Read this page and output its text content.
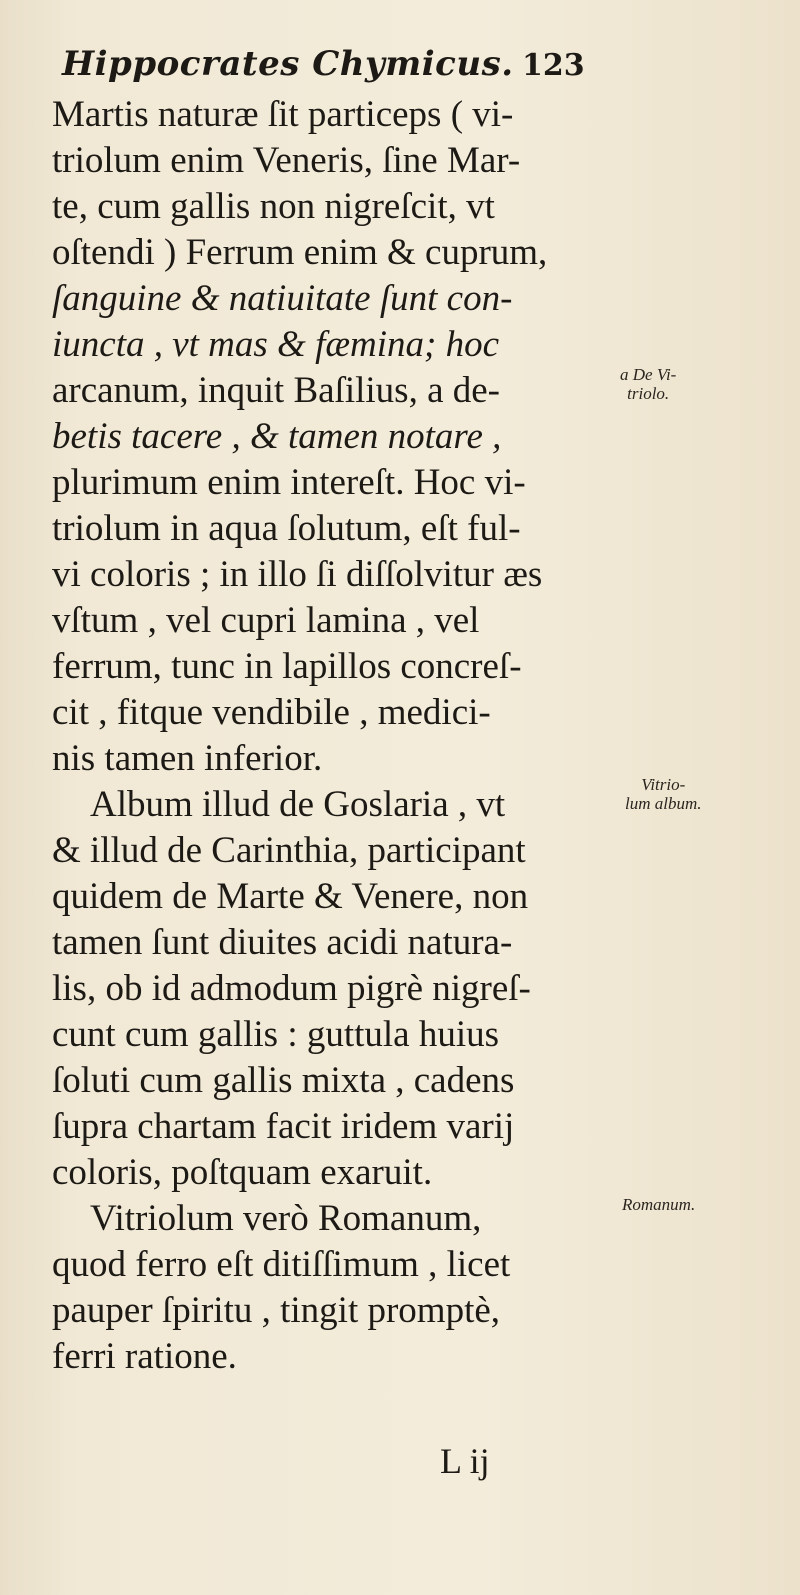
Hippocrates Chymicus. 123
Martis naturæ ſit particeps ( vi-
triolum enim Veneris, ſine Mar-
te, cum gallis non nigreſcit, vt
oſtendi ) Ferrum enim & cuprum,
ſanguine & natiuitate ſunt con-
iuncta , vt mas & fæmina; hoc
arcanum, inquit Baſilius, a de-
betis tacere , & tamen notare ,
plurimum enim intereſt. Hoc vi-
triolum in aqua ſolutum, eſt ful-
vi coloris ; in illo ſi diſſolvitur æs
vſtum , vel cupri lamina , vel
ferrum, tunc in lapillos concreſ-
cit , fitque vendibile , medici-
nis tamen inferior.
Album illud de Goslaria , vt
& illud de Carinthia, participant
quidem de Marte & Venere, non
tamen ſunt diuites acidi natura-
lis, ob id admodum pigrè nigreſ-
cunt cum gallis : guttula huius
ſoluti cum gallis mixta , cadens
ſupra chartam facit iridem varij
coloris, poſtquam exaruit.
Vitriolum verò Romanum,
quod ferro eſt ditiſſimum , licet
pauper ſpiritu , tingit promptè,
ferri ratione.
a De Vi-
triolo.
Vitrio-
lum album.
Romanum.
L ij
